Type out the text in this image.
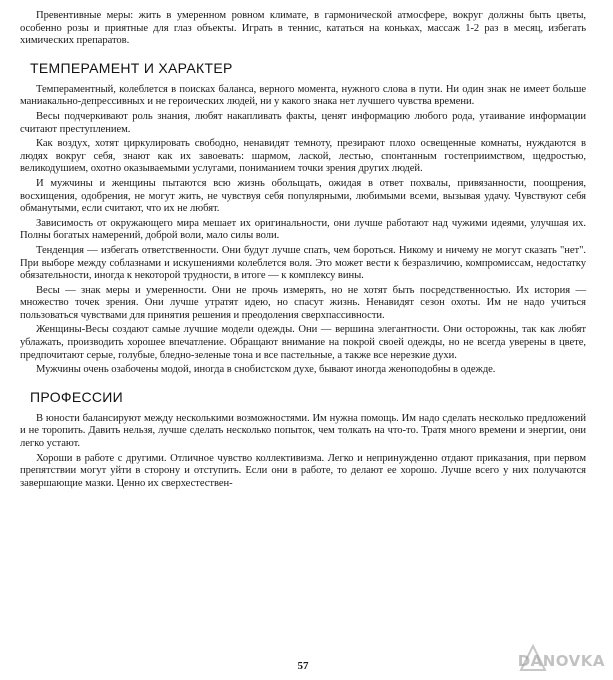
Превентивные меры: жить в умеренном ровном климате, в гармонической атмосфере, вокруг должны быть цветы, особенно розы и приятные для глаз объекты. Играть в теннис, кататься на коньках, массаж 1-2 раз в месяц, избегать химических препаратов.

ТЕМПЕРАМЕНТ И ХАРАКТЕР

Темпераментный, колеблется в поисках баланса, верного момента, нужного слова в пути. Ни один знак не имеет больше маниакально-депрессивных и не героических людей, ни у какого знака нет лучшего чувства времени.

Весы подчеркивают роль знания, любят накапливать факты, ценят информацию любого рода, утаивание информации считают преступлением.

Как воздух, хотят циркулировать свободно, ненавидят темноту, презирают плохо освещенные комнаты, нуждаются в людях вокруг себя, знают как их завоевать: шармом, лаской, лестью, спонтанным гостеприимством, щедростью, великодушием, охотно оказываемыми услугами, пониманием точки зрения других людей.

И мужчины и женщины пытаются всю жизнь обольщать, ожидая в ответ похвалы, привязанности, поощрения, восхищения, одобрения, не могут жить, не чувствуя себя популярными, любимыми всеми, вызывая удачу. Чувствуют себя обманутыми, если считают, что их не любят.

Зависимость от окружающего мира мешает их оригинальности, они лучше работают над чужими идеями, улучшая их. Полны богатых намерений, доброй воли, мало силы воли.

Тенденция — избегать ответственности. Они будут лучше спать, чем бороться. Никому и ничему не могут сказать "нет". При выборе между соблазнами и искушениями колеблется воля. Это может вести к безразличию, компромиссам, недостатку обязательности, иногда к некоторой трудности, в итоге — к комплексу вины.

Весы — знак меры и умеренности. Они не прочь измерять, но не хотят быть посредственностью. Их история — множество точек зрения. Они лучше утратят идею, но спасут жизнь. Ненавидят сезон охоты. Им не надо учиться пользоваться чувствами для принятия решения и преодоления сверхпассивности.

Женщины-Весы создают самые лучшие модели одежды. Они — вершина элегантности. Они осторожны, так как любят ублажать, производить хорошее впечатление. Обращают внимание на покрой своей одежды, но не всегда уверены в цвете, предпочитают серые, голубые, бледно-зеленые тона и все пастельные, а также все нерезкие духи.

Мужчины очень озабочены модой, иногда в снобистском духе, бывают иногда женоподобны в одежде.

ПРОФЕССИИ

В юности балансируют между несколькими возможностями. Им нужна помощь. Им надо сделать несколько предложений и не торопить. Давить нельзя, лучше сделать несколько попыток, чем толкать на что-то. Тратя много времени и энергии, они легко устают.

Хороши в работе с другими. Отличное чувство коллективизма. Легко и непринужденно отдают приказания, при первом препятствии могут уйти в сторону и отступить. Если они в работе, то делают ее хорошо. Лучше всего у них получаются завершающие мазки. Ценно их сверхестествен-

57	DANOVKA
